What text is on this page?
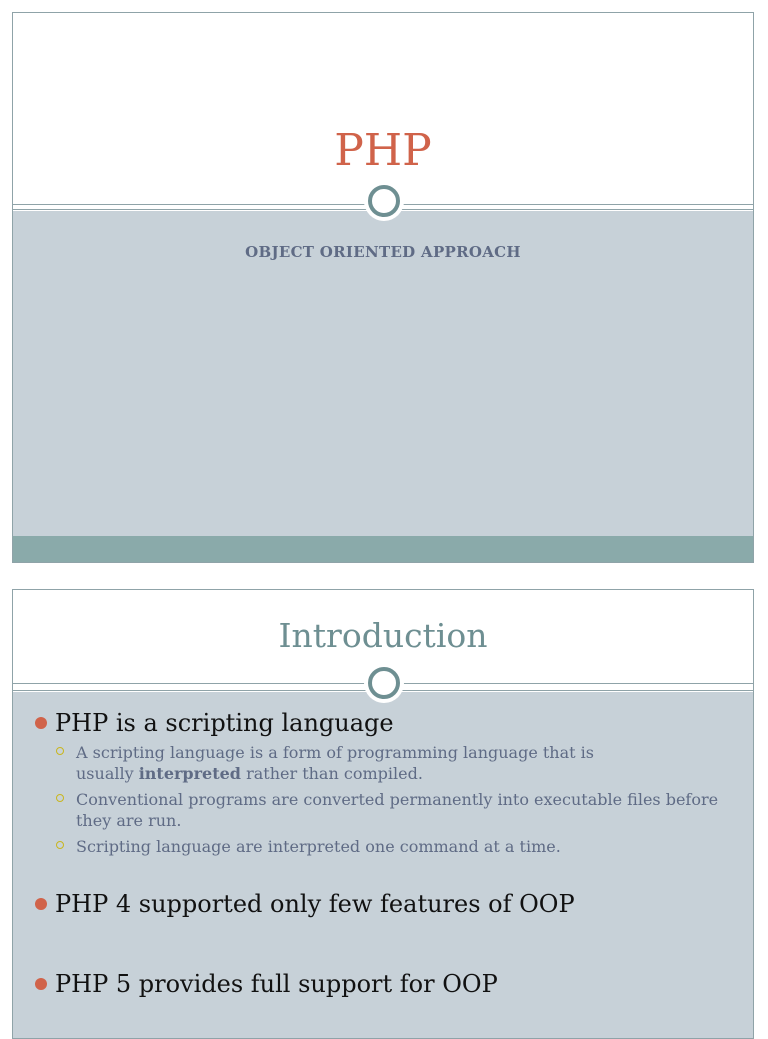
PHP
OBJECT ORIENTED APPROACH
Introduction
PHP is a scripting language
A scripting language is a form of programming language that is
usually interpreted rather than compiled.
Conventional programs are converted permanently into executable files before they are run.
Scripting language are interpreted one command at a time.
PHP 4 supported only few features of OOP
PHP 5 provides full support for OOP
